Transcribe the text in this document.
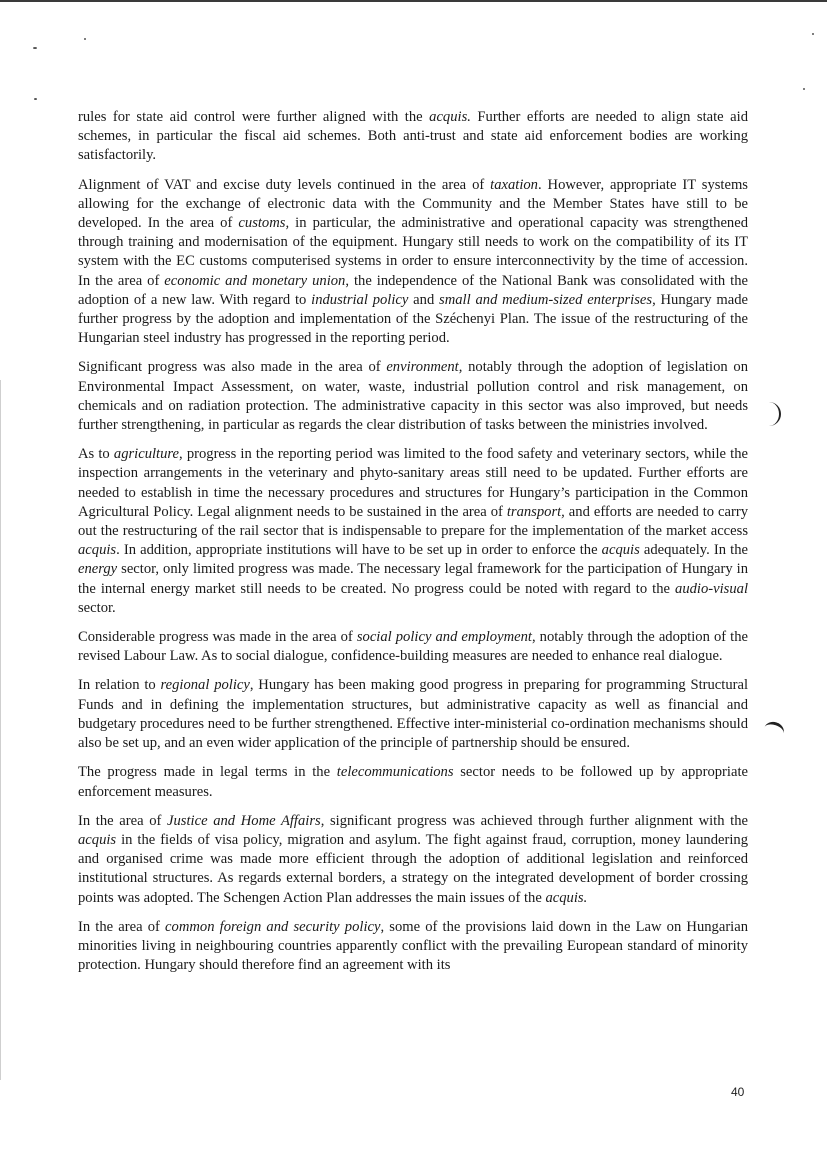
rules for state aid control were further aligned with the acquis. Further efforts are needed to align state aid schemes, in particular the fiscal aid schemes. Both anti-trust and state aid enforcement bodies are working satisfactorily.

Alignment of VAT and excise duty levels continued in the area of taxation. However, appropriate IT systems allowing for the exchange of electronic data with the Community and the Member States have still to be developed. In the area of customs, in particular, the administrative and operational capacity was strengthened through training and modernisation of the equipment. Hungary still needs to work on the compatibility of its IT system with the EC customs computerised systems in order to ensure interconnectivity by the time of accession. In the area of economic and monetary union, the independence of the National Bank was consolidated with the adoption of a new law. With regard to industrial policy and small and medium-sized enterprises, Hungary made further progress by the adoption and implementation of the Széchenyi Plan. The issue of the restructuring of the Hungarian steel industry has progressed in the reporting period.

Significant progress was also made in the area of environment, notably through the adoption of legislation on Environmental Impact Assessment, on water, waste, industrial pollution control and risk management, on chemicals and on radiation protection. The administrative capacity in this sector was also improved, but needs further strengthening, in particular as regards the clear distribution of tasks between the ministries involved.

As to agriculture, progress in the reporting period was limited to the food safety and veterinary sectors, while the inspection arrangements in the veterinary and phyto-sanitary areas still need to be updated. Further efforts are needed to establish in time the necessary procedures and structures for Hungary’s participation in the Common Agricultural Policy. Legal alignment needs to be sustained in the area of transport, and efforts are needed to carry out the restructuring of the rail sector that is indispensable to prepare for the implementation of the market access acquis. In addition, appropriate institutions will have to be set up in order to enforce the acquis adequately. In the energy sector, only limited progress was made. The necessary legal framework for the participation of Hungary in the internal energy market still needs to be created. No progress could be noted with regard to the audio-visual sector.

Considerable progress was made in the area of social policy and employment, notably through the adoption of the revised Labour Law. As to social dialogue, confidence-building measures are needed to enhance real dialogue.

In relation to regional policy, Hungary has been making good progress in preparing for programming Structural Funds and in defining the implementation structures, but administrative capacity as well as financial and budgetary procedures need to be further strengthened. Effective inter-ministerial co-ordination mechanisms should also be set up, and an even wider application of the principle of partnership should be ensured.

The progress made in legal terms in the telecommunications sector needs to be followed up by appropriate enforcement measures.

In the area of Justice and Home Affairs, significant progress was achieved through further alignment with the acquis in the fields of visa policy, migration and asylum. The fight against fraud, corruption, money laundering and organised crime was made more efficient through the adoption of additional legislation and reinforced institutional structures. As regards external borders, a strategy on the integrated development of border crossing points was adopted. The Schengen Action Plan addresses the main issues of the acquis.

In the area of common foreign and security policy, some of the provisions laid down in the Law on Hungarian minorities living in neighbouring countries apparently conflict with the prevailing European standard of minority protection. Hungary should therefore find an agreement with its

40
